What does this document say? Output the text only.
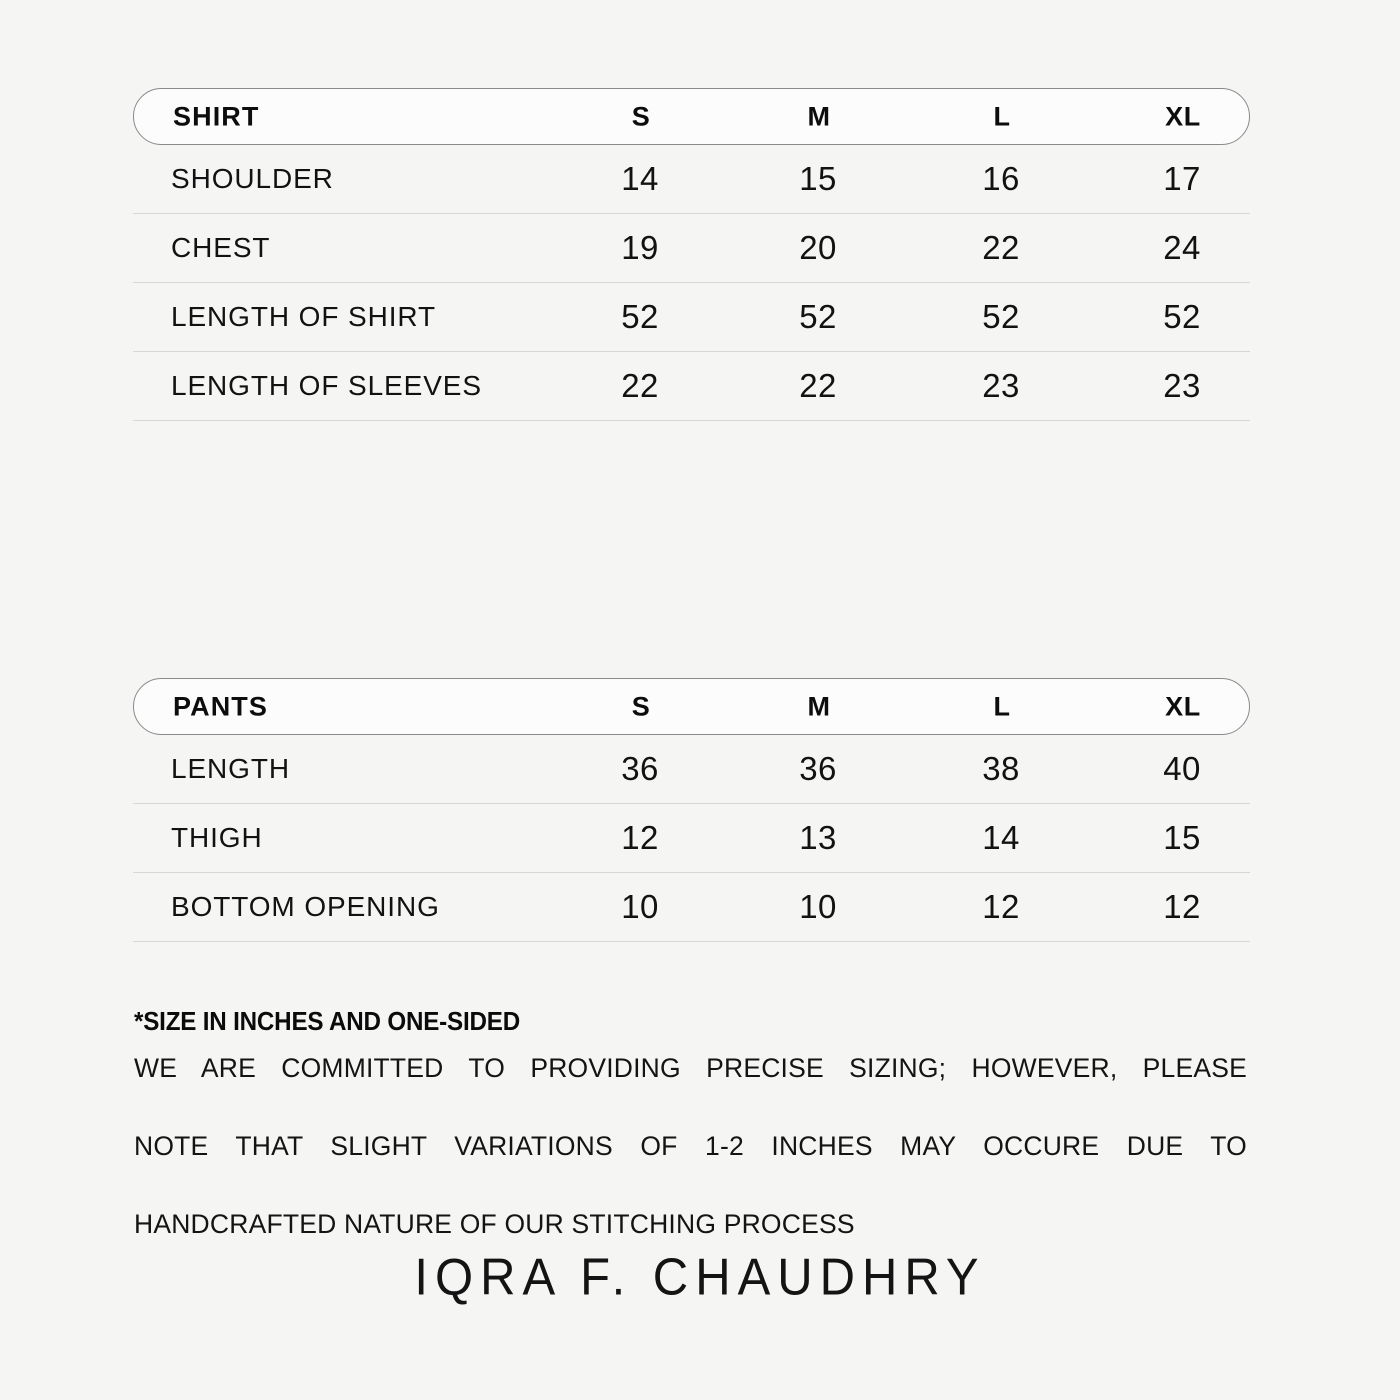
SHIRT	S	M	L	XL
SHOULDER	14	15	16	17
CHEST	19	20	22	24
LENGTH OF SHIRT	52	52	52	52
LENGTH OF SLEEVES	22	22	23	23
PANTS	S	M	L	XL
LENGTH	36	36	38	40
THIGH	12	13	14	15
BOTTOM OPENING	10	10	12	12

*SIZE IN INCHES AND ONE-SIDED

WE ARE COMMITTED TO PROVIDING PRECISE SIZING; HOWEVER, PLEASE
NOTE THAT SLIGHT VARIATIONS OF 1-2 INCHES MAY OCCURE DUE TO
HANDCRAFTED NATURE OF OUR STITCHING PROCESS

IQRA F. CHAUDHRY
